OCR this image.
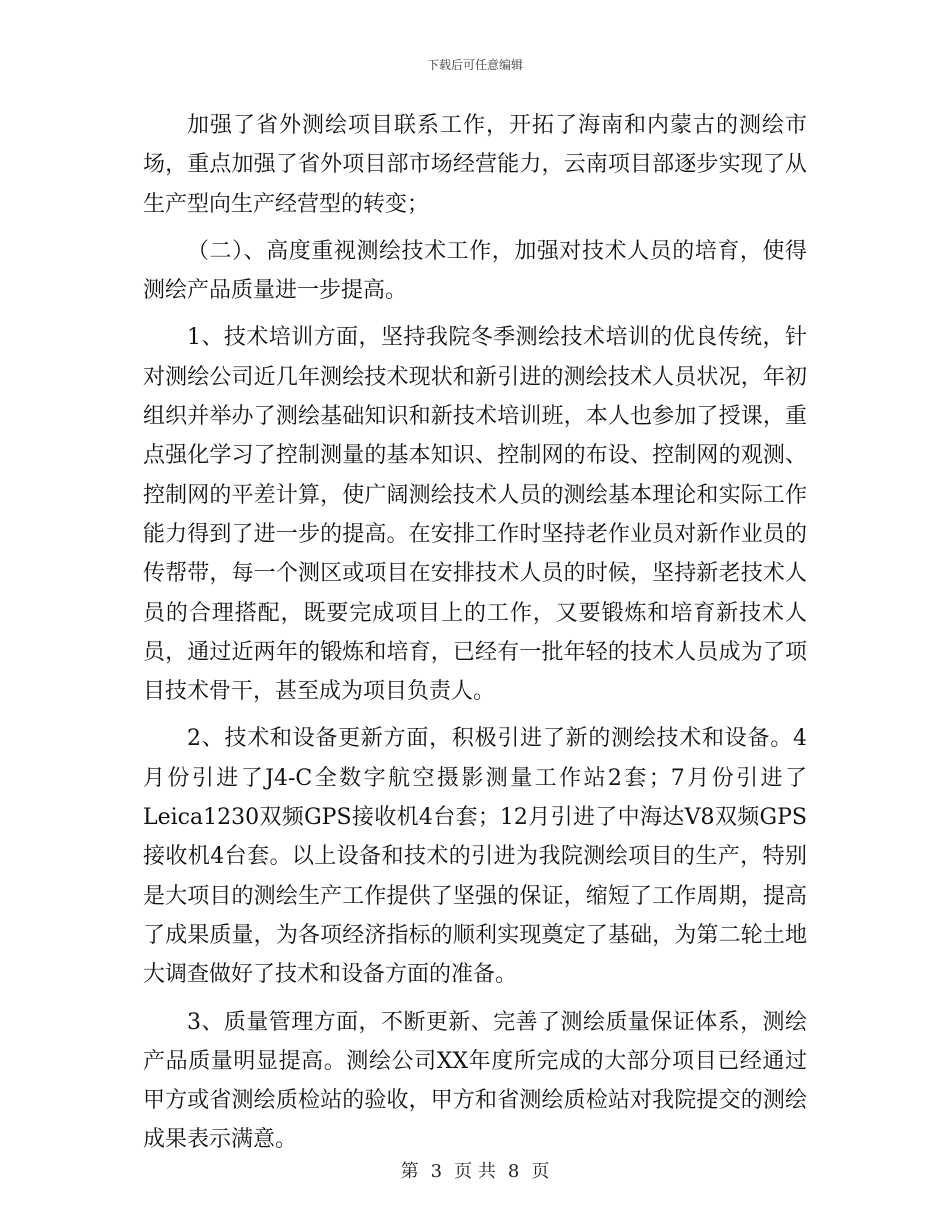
下载后可任意编辑

加强了省外测绘项目联系工作，开拓了海南和内蒙古的测绘市场，重点加强了省外项目部市场经营能力，云南项目部逐步实现了从生产型向生产经营型的转变；

（二）、高度重视测绘技术工作，加强对技术人员的培育，使得测绘产品质量进一步提高。

1、技术培训方面，坚持我院冬季测绘技术培训的优良传统，针对测绘公司近几年测绘技术现状和新引进的测绘技术人员状况，年初组织并举办了测绘基础知识和新技术培训班，本人也参加了授课，重点强化学习了控制测量的基本知识、控制网的布设、控制网的观测、控制网的平差计算，使广阔测绘技术人员的测绘基本理论和实际工作能力得到了进一步的提高。在安排工作时坚持老作业员对新作业员的传帮带，每一个测区或项目在安排技术人员的时候，坚持新老技术人员的合理搭配，既要完成项目上的工作，又要锻炼和培育新技术人员，通过近两年的锻炼和培育，已经有一批年轻的技术人员成为了项目技术骨干，甚至成为项目负责人。

2、技术和设备更新方面，积极引进了新的测绘技术和设备。4月份引进了J4-C全数字航空摄影测量工作站2套；7月份引进了Leica1230双频GPS接收机4台套；12月引进了中海达V8双频GPS接收机4台套。以上设备和技术的引进为我院测绘项目的生产，特别是大项目的测绘生产工作提供了坚强的保证，缩短了工作周期，提高了成果质量，为各项经济指标的顺利实现奠定了基础，为第二轮土地大调查做好了技术和设备方面的准备。

3、质量管理方面，不断更新、完善了测绘质量保证体系，测绘产品质量明显提高。测绘公司XX年度所完成的大部分项目已经通过甲方或省测绘质检站的验收，甲方和省测绘质检站对我院提交的测绘成果表示满意。

第 3 页 共 8 页
